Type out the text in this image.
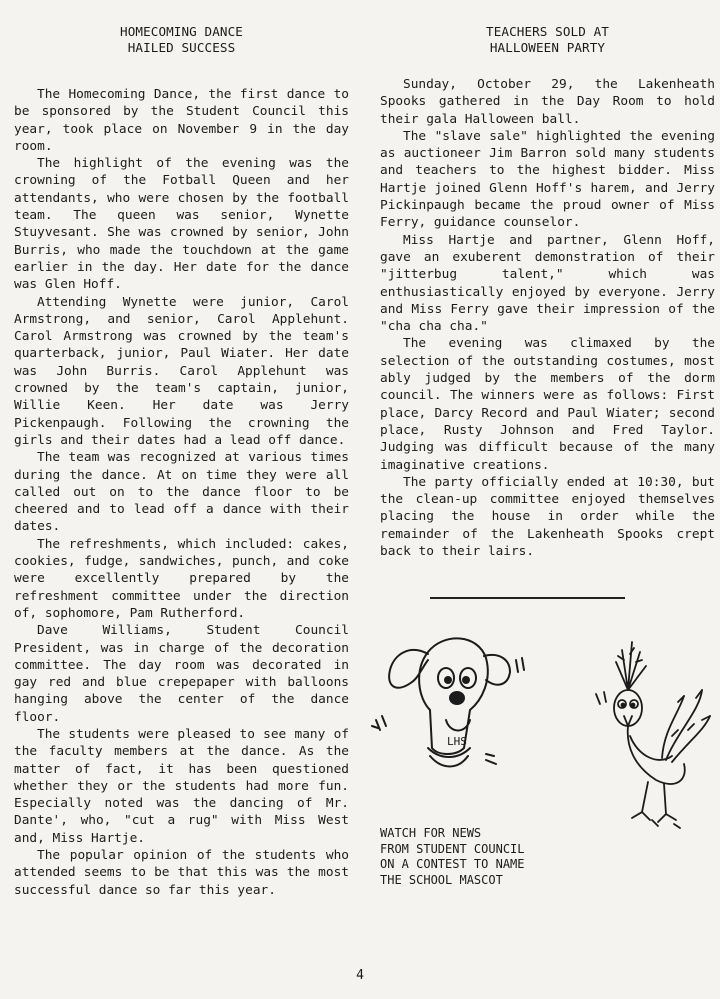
HOMECOMING DANCE
HAILED SUCCESS

The Homecoming Dance, the first dance to be sponsored by the Student Council this year, took place on November 9 in the day room.

The highlight of the evening was the crowning of the Fotball Queen and her attendants, who were chosen by the football team. The queen was senior, Wynette Stuyvesant. She was crowned by senior, John Burris, who made the touchdown at the game earlier in the day. Her date for the dance was Glen Hoff.

Attending Wynette were junior, Carol Armstrong, and senior, Carol Applehunt. Carol Armstrong was crowned by the team's quarterback, junior, Paul Wiater. Her date was John Burris. Carol Applehunt was crowned by the team's captain, junior, Willie Keen. Her date was Jerry Pickenpaugh. Following the crowning the girls and their dates had a lead off dance.

The team was recognized at various times during the dance. At on time they were all called out on to the dance floor to be cheered and to lead off a dance with their dates.

The refreshments, which included: cakes, cookies, fudge, sandwiches, punch, and coke were excellently prepared by the refreshment committee under the direction of, sophomore, Pam Rutherford.

Dave Williams, Student Council President, was in charge of the decoration committee. The day room was decorated in gay red and blue crepepaper with balloons hanging above the center of the dance floor.

The students were pleased to see many of the faculty members at the dance. As the matter of fact, it has been questioned whether they or the students had more fun. Especially noted was the dancing of Mr. Dante', who, "cut a rug" with Miss West and, Miss Hartje.

The popular opinion of the students who attended seems to be that this was the most successful dance so far this year.

TEACHERS SOLD AT
HALLOWEEN PARTY

Sunday, October 29, the Lakenheath Spooks gathered in the Day Room to hold their gala Halloween ball.

The "slave sale" highlighted the evening as auctioneer Jim Barron sold many students and teachers to the highest bidder. Miss Hartje joined Glenn Hoff's harem, and Jerry Pickinpaugh became the proud owner of Miss Ferry, guidance counselor.

Miss Hartje and partner, Glenn Hoff, gave an exuberent demonstration of their "jitterbug talent," which was enthusiastically enjoyed by everyone. Jerry and Miss Ferry gave their impression of the "cha cha cha."

The evening was climaxed by the selection of the outstanding costumes, most ably judged by the members of the dorm council. The winners were as follows: First place, Darcy Record and Paul Wiater; second place, Rusty Johnson and Fred Taylor. Judging was difficult because of the many imaginative creations.

The party officially ended at 10:30, but the clean-up committee enjoyed themselves placing the house in order while the remainder of the Lakenheath Spooks crept back to their lairs.

LHS
WATCH FOR NEWS
FROM STUDENT COUNCIL
ON A CONTEST TO NAME
THE SCHOOL MASCOT
4
